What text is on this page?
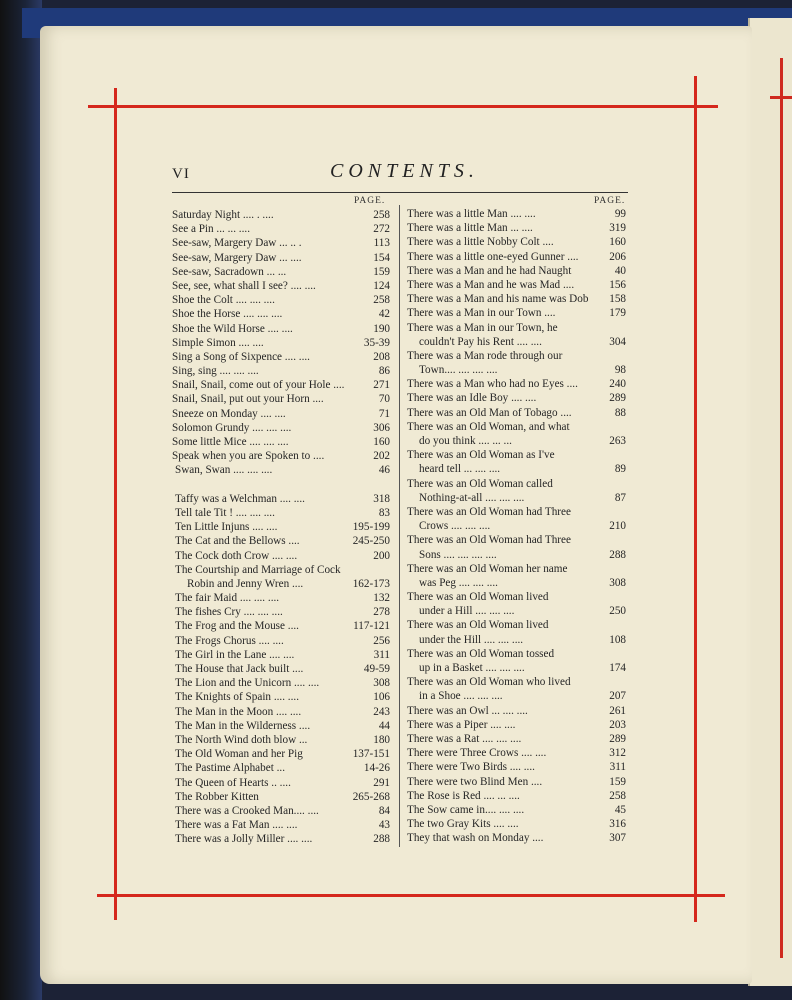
VI	CONTENTS.
PAGE.	PAGE.
Saturday Night .... . ....	258
See a Pin ... ... ....	272
See-saw, Margery Daw ... .. .	113
See-saw, Margery Daw ... ....	154
See-saw, Sacradown ... ...	159
See, see, what shall I see? .... ....	124
Shoe the Colt .... .... ....	258
Shoe the Horse .... .... ....	42
Shoe the Wild Horse .... ....	190
Simple Simon .... ....	35-39
Sing a Song of Sixpence .... ....	208
Sing, sing .... .... ....	86
Snail, Snail, come out of your Hole ....	271
Snail, Snail, put out your Horn ....	70
Sneeze on Monday .... ....	71
Solomon Grundy .... .... ....	306
Some little Mice .... .... ....	160
Speak when you are Spoken to ....	202
Swan, Swan .... .... ....	46
Taffy was a Welchman .... ....	318
Tell tale Tit ! .... .... ....	83
Ten Little Injuns .... ....	195-199
The Cat and the Bellows ....	245-250
The Cock doth Crow .... ....	200
The Courtship and Marriage of Cock
Robin and Jenny Wren ....	162-173
The fair Maid .... .... ....	132
The fishes Cry .... .... ....	278
The Frog and the Mouse ....	117-121
The Frogs Chorus .... ....	256
The Girl in the Lane .... ....	311
The House that Jack built ....	49-59
The Lion and the Unicorn .... ....	308
The Knights of Spain .... ....	106
The Man in the Moon .... ....	243
The Man in the Wilderness ....	44
The North Wind doth blow ...	180
The Old Woman and her Pig	137-151
The Pastime Alphabet ...	14-26
The Queen of Hearts .. ....	291
The Robber Kitten	265-268
There was a Crooked Man.... ....	84
There was a Fat Man .... ....	43
There was a Jolly Miller .... ....	288
There was a little Man .... ....	99
There was a little Man ... ....	319
There was a little Nobby Colt ....	160
There was a little one-eyed Gunner ....	206
There was a Man and he had Naught	40
There was a Man and he was Mad ....	156
There was a Man and his name was Dob 158
There was a Man in our Town ....	179
There was a Man in our Town, he
couldn't Pay his Rent .... ....	304
There was a Man rode through our
Town.... .... .... ....	98
There was a Man who had no Eyes ....	240
There was an Idle Boy .... ....	289
There was an Old Man of Tobago ....	88
There was an Old Woman, and what
do you think .... ... ...	263
There was an Old Woman as I've
heard tell ... .... ....	89
There was an Old Woman called
Nothing-at-all .... .... ....	87
There was an Old Woman had Three
Crows .... .... ....	210
There was an Old Woman had Three
Sons .... .... .... ....	288
There was an Old Woman her name
was Peg .... .... ....	308
There was an Old Woman lived
under a Hill .... .... ....	250
There was an Old Woman lived
under the Hill .... .... ....	108
There was an Old Woman tossed
up in a Basket .... .... ....	174
There was an Old Woman who lived
in a Shoe .... .... ....	207
There was an Owl ... .... ....	261
There was a Piper .... ....	203
There was a Rat .... .... ....	289
There were Three Crows .... ....	312
There were Two Birds .... ....	311
There were two Blind Men ....	159
The Rose is Red .... ... ....	258
The Sow came in.... .... ....	45
The two Gray Kits .... ....	316
They that wash on Monday ....	307
